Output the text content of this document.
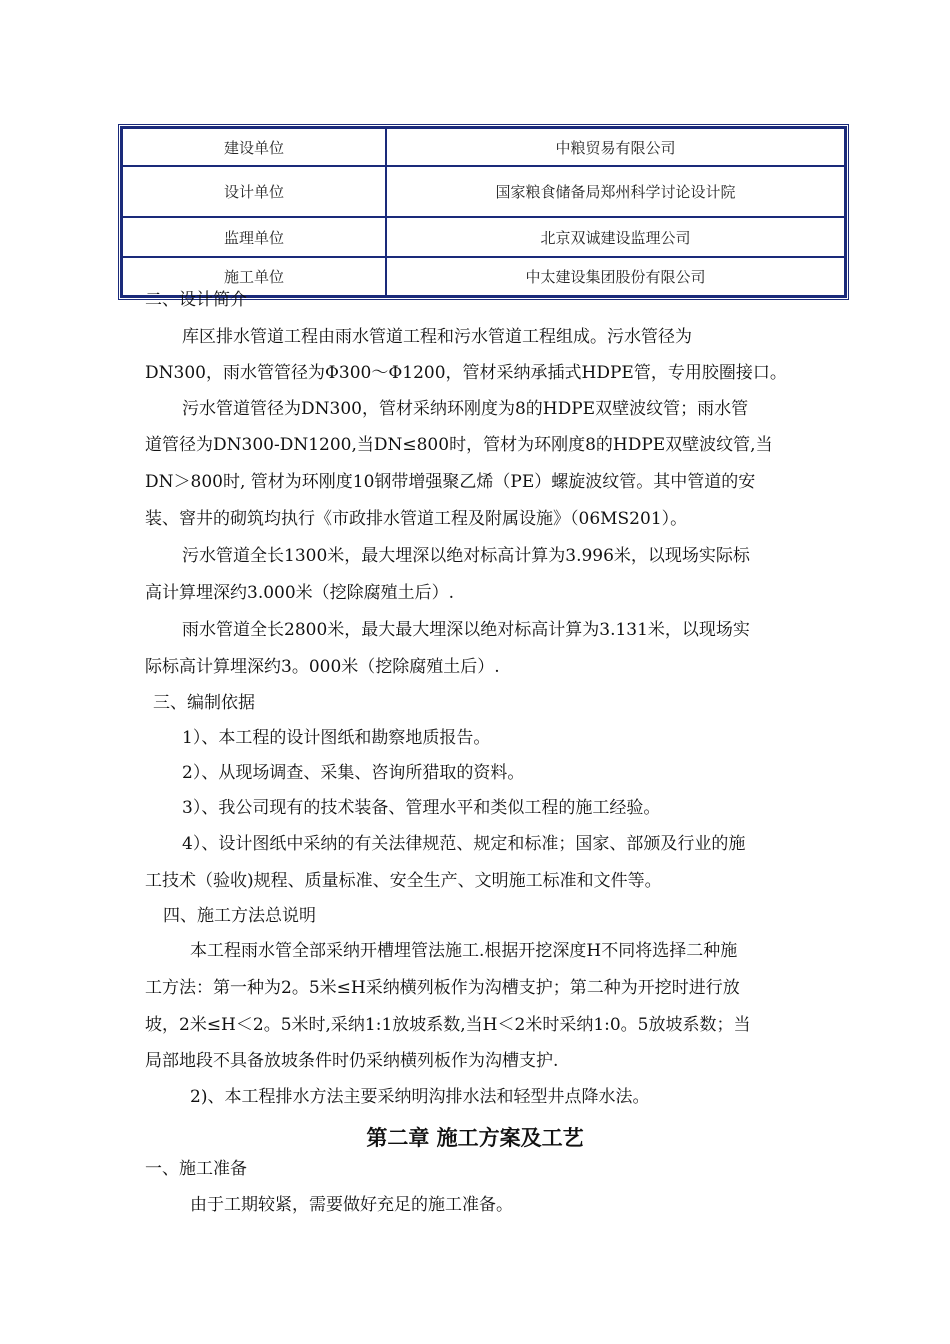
建设单位	中粮贸易有限公司
设计单位	国家粮食储备局郑州科学讨论设计院
监理单位	北京双诚建设监理公司
施工单位	中太建设集团股份有限公司
二、设计简介
库区排水管道工程由雨水管道工程和污水管道工程组成。污水管径为
DN300，雨水管管径为Φ300～Φ1200，管材采纳承插式HDPE管，专用胶圈接口。
污水管道管径为DN300，管材采纳环刚度为8的HDPE双壁波纹管；雨水管
道管径为DN300-DN1200,当DN≤800时，管材为环刚度8的HDPE双壁波纹管,当
DN＞800时, 管材为环刚度10钢带增强聚乙烯（PE）螺旋波纹管。其中管道的安
装、窨井的砌筑均执行《市政排水管道工程及附属设施》（06MS201）。
污水管道全长1300米，最大埋深以绝对标高计算为3.996米，以现场实际标
高计算埋深约3.000米（挖除腐殖土后）.
雨水管道全长2800米，最大最大埋深以绝对标高计算为3.131米，以现场实
际标高计算埋深约3。000米（挖除腐殖土后）.
三、编制依据
1）、本工程的设计图纸和勘察地质报告。
2）、从现场调查、采集、咨询所猎取的资料。
3）、我公司现有的技术装备、管理水平和类似工程的施工经验。
4）、设计图纸中采纳的有关法律规范、规定和标准；国家、部颁及行业的施
工技术（验收)规程、质量标准、安全生产、文明施工标准和文件等。
四、施工方法总说明
本工程雨水管全部采纳开槽埋管法施工.根据开挖深度H不同将选择二种施
工方法：第一种为2。5米≤H采纳横列板作为沟槽支护；第二种为开挖时进行放
坡，2米≤H＜2。5米时,采纳1:1放坡系数,当H＜2米时采纳1:0。5放坡系数；当
局部地段不具备放坡条件时仍采纳横列板作为沟槽支护.
2)、本工程排水方法主要采纳明沟排水法和轻型井点降水法。
第二章 施工方案及工艺
一、施工准备
由于工期较紧，需要做好充足的施工准备。
